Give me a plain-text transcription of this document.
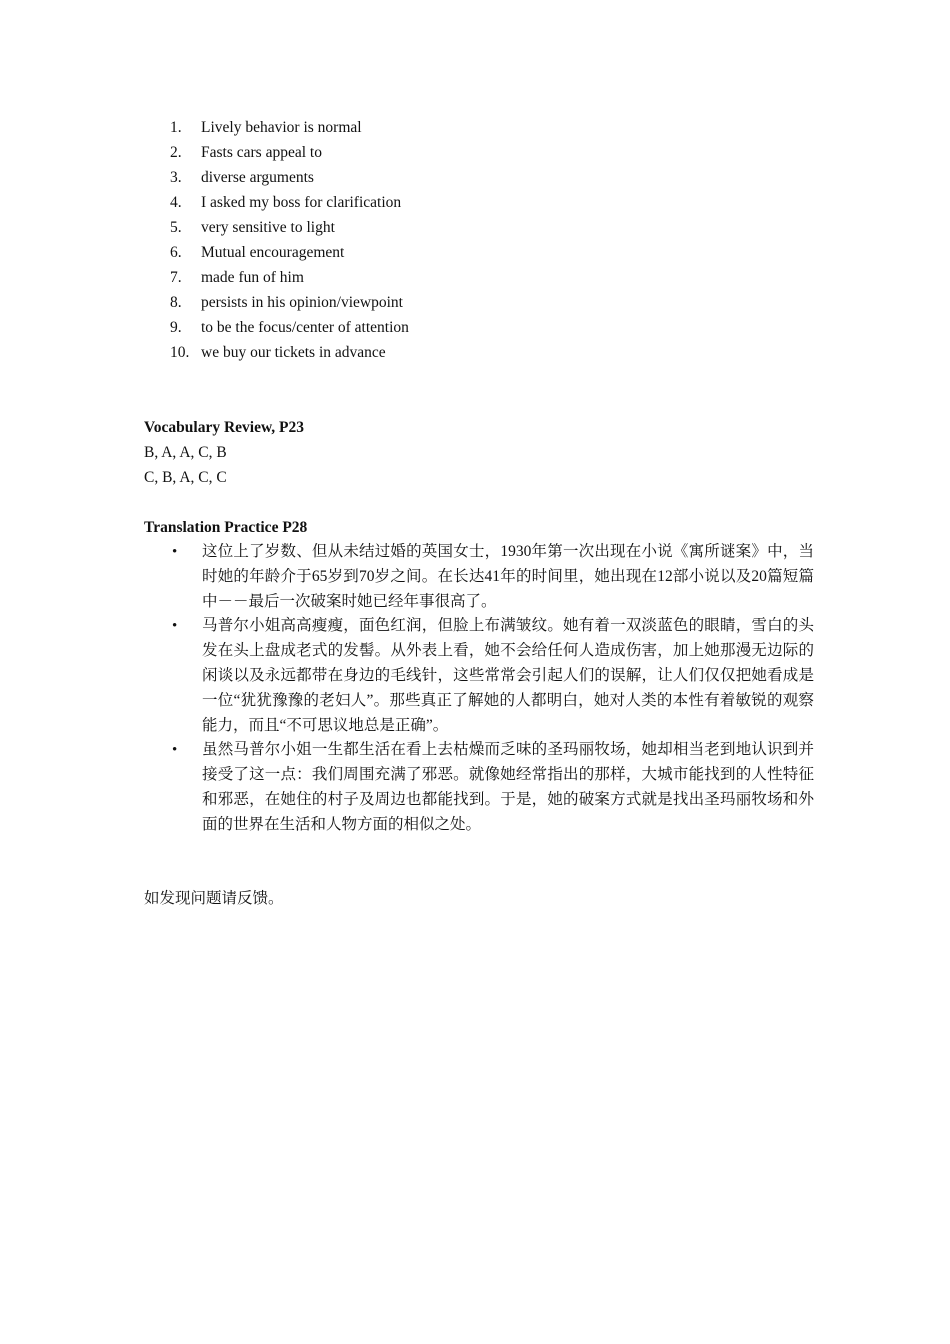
1.	Lively behavior is normal
2.	Fasts cars appeal to
3.	diverse arguments
4.	I asked my boss for clarification
5.	very sensitive to light
6.	Mutual encouragement
7.	made fun of him
8.	persists in his opinion/viewpoint
9.	to be the focus/center of attention
10. we buy our tickets in advance
Vocabulary Review, P23
B, A, A, C, B
C, B, A, C, C
Translation Practice P28
•	这位上了岁数、但从未结过婚的英国女士，1930年第一次出现在小说《寓所谜案》中，当时她的年龄介于65岁到70岁之间。在长达41年的时间里，她出现在12部小说以及20篇短篇中－－最后一次破案时她已经年事很高了。
•	马普尔小姐高高瘦瘦，面色红润，但脸上布满皱纹。她有着一双淡蓝色的眼睛，雪白的头发在头上盘成老式的发髻。从外表上看，她不会给任何人造成伤害，加上她那漫无边际的闲谈以及永远都带在身边的毛线针，这些常常会引起人们的误解，让人们仅仅把她看成是一位“犹犹豫豫的老妇人”。那些真正了解她的人都明白，她对人类的本性有着敏锐的观察能力，而且“不可思议地总是正确”。
•	虽然马普尔小姐一生都生活在看上去枯燥而乏味的圣玛丽牧场，她却相当老到地认识到并接受了这一点：我们周围充满了邪恶。就像她经常指出的那样，大城市能找到的人性特征和邪恶，在她住的村子及周边也都能找到。于是，她的破案方式就是找出圣玛丽牧场和外面的世界在生活和人物方面的相似之处。
如发现问题请反馈。
